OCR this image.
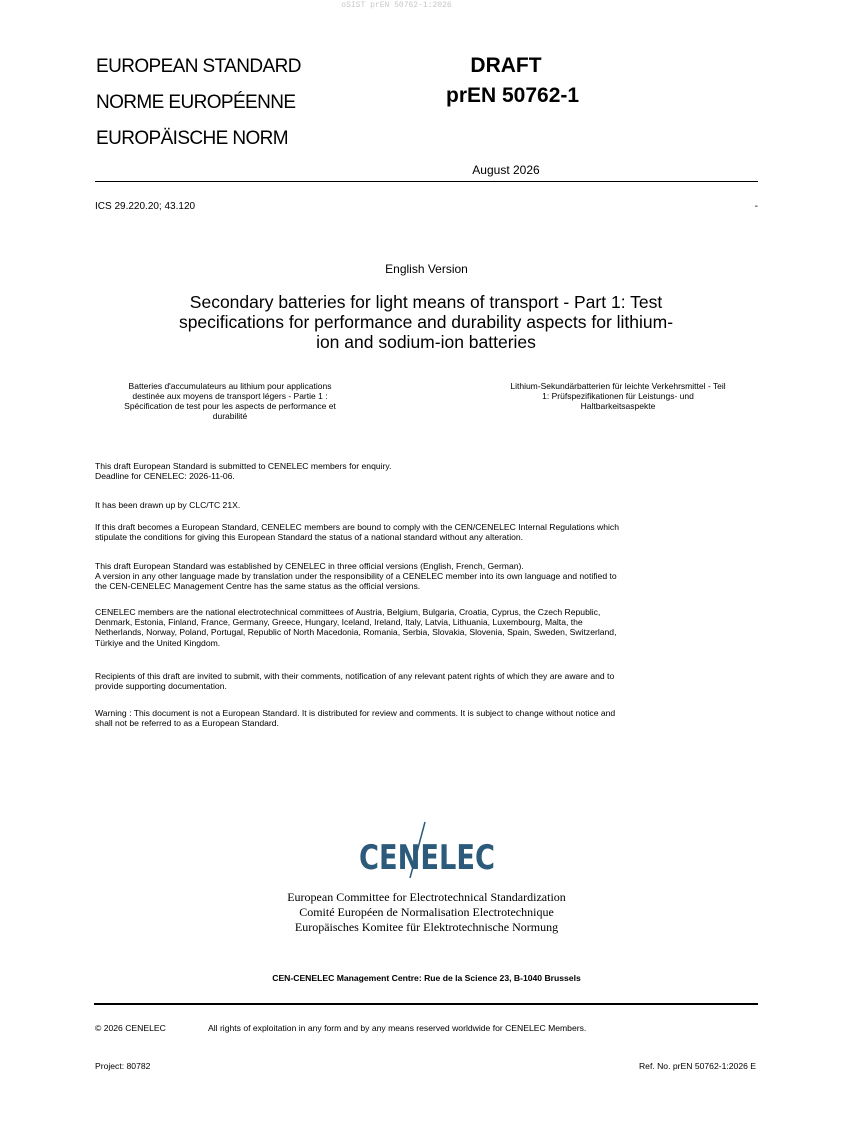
oSIST prEN 50762-1:2026
EUROPEAN STANDARD
NORME EUROPÉENNE
EUROPÄISCHE NORM
DRAFT
prEN 50762-1
August 2026
ICS 29.220.20; 43.120	-
English Version
Secondary batteries for light means of transport - Part 1: Test
specifications for performance and durability aspects for lithium-
ion and sodium-ion batteries
Batteries d'accumulateurs au lithium pour applications
destinée aux moyens de transport légers - Partie 1 :
Spécification de test pour les aspects de performance et
durabilité
Lithium-Sekundärbatterien für leichte Verkehrsmittel - Teil
1: Prüfspezifikationen für Leistungs- und
Haltbarkeitsaspekte
This draft European Standard is submitted to CENELEC members for enquiry.
Deadline for CENELEC: 2026-11-06.
It has been drawn up by CLC/TC 21X.
If this draft becomes a European Standard, CENELEC members are bound to comply with the CEN/CENELEC Internal Regulations which
stipulate the conditions for giving this European Standard the status of a national standard without any alteration.
This draft European Standard was established by CENELEC in three official versions (English, French, German).
A version in any other language made by translation under the responsibility of a CENELEC member into its own language and notified to
the CEN-CENELEC Management Centre has the same status as the official versions.
CENELEC members are the national electrotechnical committees of Austria, Belgium, Bulgaria, Croatia, Cyprus, the Czech Republic,
Denmark, Estonia, Finland, France, Germany, Greece, Hungary, Iceland, Ireland, Italy, Latvia, Lithuania, Luxembourg, Malta, the
Netherlands, Norway, Poland, Portugal, Republic of North Macedonia, Romania, Serbia, Slovakia, Slovenia, Spain, Sweden, Switzerland,
Türkiye and the United Kingdom.
Recipients of this draft are invited to submit, with their comments, notification of any relevant patent rights of which they are aware and to
provide supporting documentation.
Warning : This document is not a European Standard. It is distributed for review and comments. It is subject to change without notice and
shall not be referred to as a European Standard.
CENELEC
European Committee for Electrotechnical Standardization
Comité Européen de Normalisation Electrotechnique
Europäisches Komitee für Elektrotechnische Normung
CEN-CENELEC Management Centre: Rue de la Science 23, B-1040 Brussels
© 2026 CENELEC	All rights of exploitation in any form and by any means reserved worldwide for CENELEC Members.
Project: 80782	Ref. No. prEN 50762-1:2026 E
